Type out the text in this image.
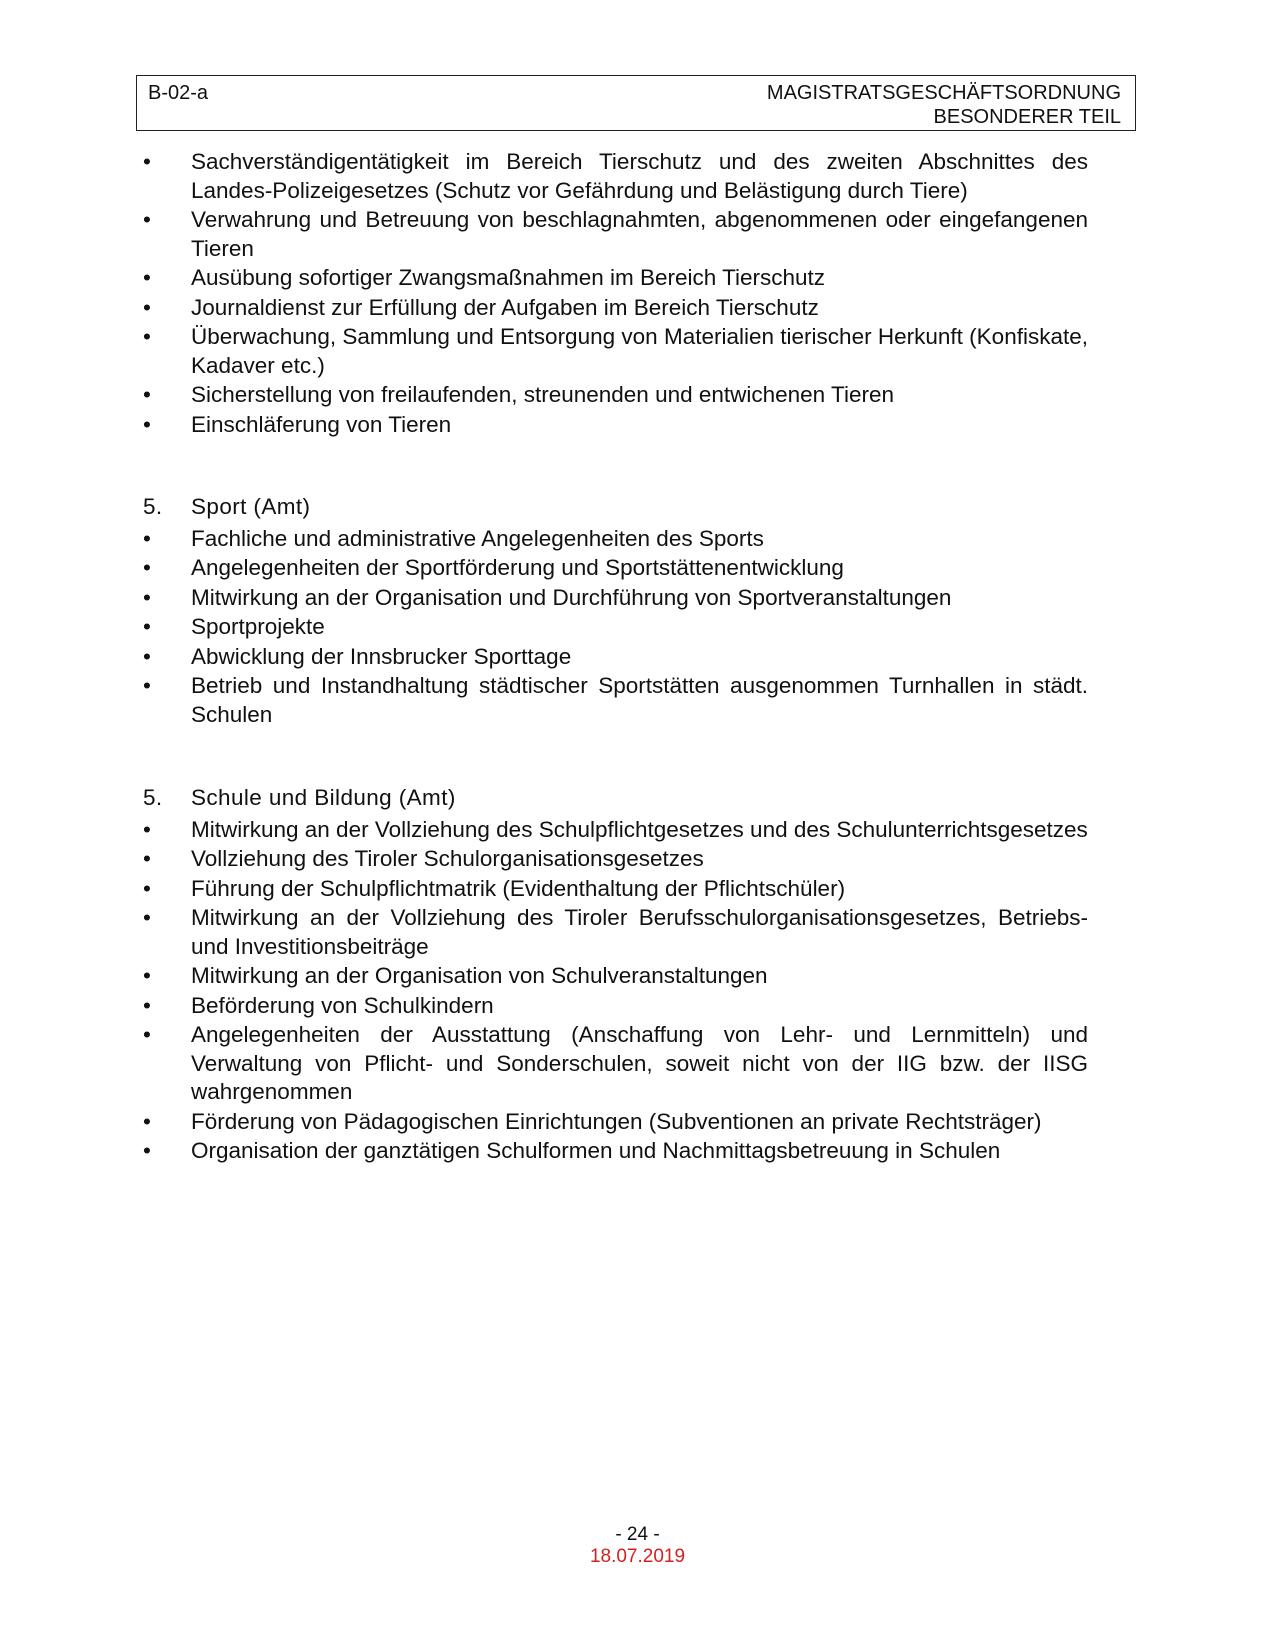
B-02-a	MAGISTRATSGESCHÄFTSORDNUNG
BESONDERER TEIL
•	Sachverständigentätigkeit im Bereich Tierschutz und des zweiten Abschnittes des Landes-Polizeigesetzes (Schutz vor Gefährdung und Belästigung durch Tiere)
•	Verwahrung und Betreuung von beschlagnahmten, abgenommenen oder eingefangenen Tieren
•	Ausübung sofortiger Zwangsmaßnahmen im Bereich Tierschutz
•	Journaldienst zur Erfüllung der Aufgaben im Bereich Tierschutz
•	Überwachung, Sammlung und Entsorgung von Materialien tierischer Herkunft (Konfiskate, Kadaver etc.)
•	Sicherstellung von freilaufenden, streunenden und entwichenen Tieren
•	Einschläferung von Tieren
5. Sport (Amt)
•	Fachliche und administrative Angelegenheiten des Sports
•	Angelegenheiten der Sportförderung und Sportstättenentwicklung
•	Mitwirkung an der Organisation und Durchführung von Sportveranstaltungen
•	Sportprojekte
•	Abwicklung der Innsbrucker Sporttage
•	Betrieb und Instandhaltung städtischer Sportstätten ausgenommen Turnhallen in städt. Schulen
5. Schule und Bildung (Amt)
•	Mitwirkung an der Vollziehung des Schulpflichtgesetzes und des Schulunterrichtsgesetzes
•	Vollziehung des Tiroler Schulorganisationsgesetzes
•	Führung der Schulpflichtmatrik (Evidenthaltung der Pflichtschüler)
•	Mitwirkung an der Vollziehung des Tiroler Berufsschulorganisationsgesetzes, Betriebs- und Investitionsbeiträge
•	Mitwirkung an der Organisation von Schulveranstaltungen
•	Beförderung von Schulkindern
•	Angelegenheiten der Ausstattung (Anschaffung von Lehr- und Lernmitteln) und Verwaltung von Pflicht- und Sonderschulen, soweit nicht von der IIG bzw. der IISG wahrgenommen
•	Förderung von Pädagogischen Einrichtungen (Subventionen an private Rechtsträger)
•	Organisation der ganztätigen Schulformen und Nachmittagsbetreuung in Schulen
- 24 -
18.07.2019
